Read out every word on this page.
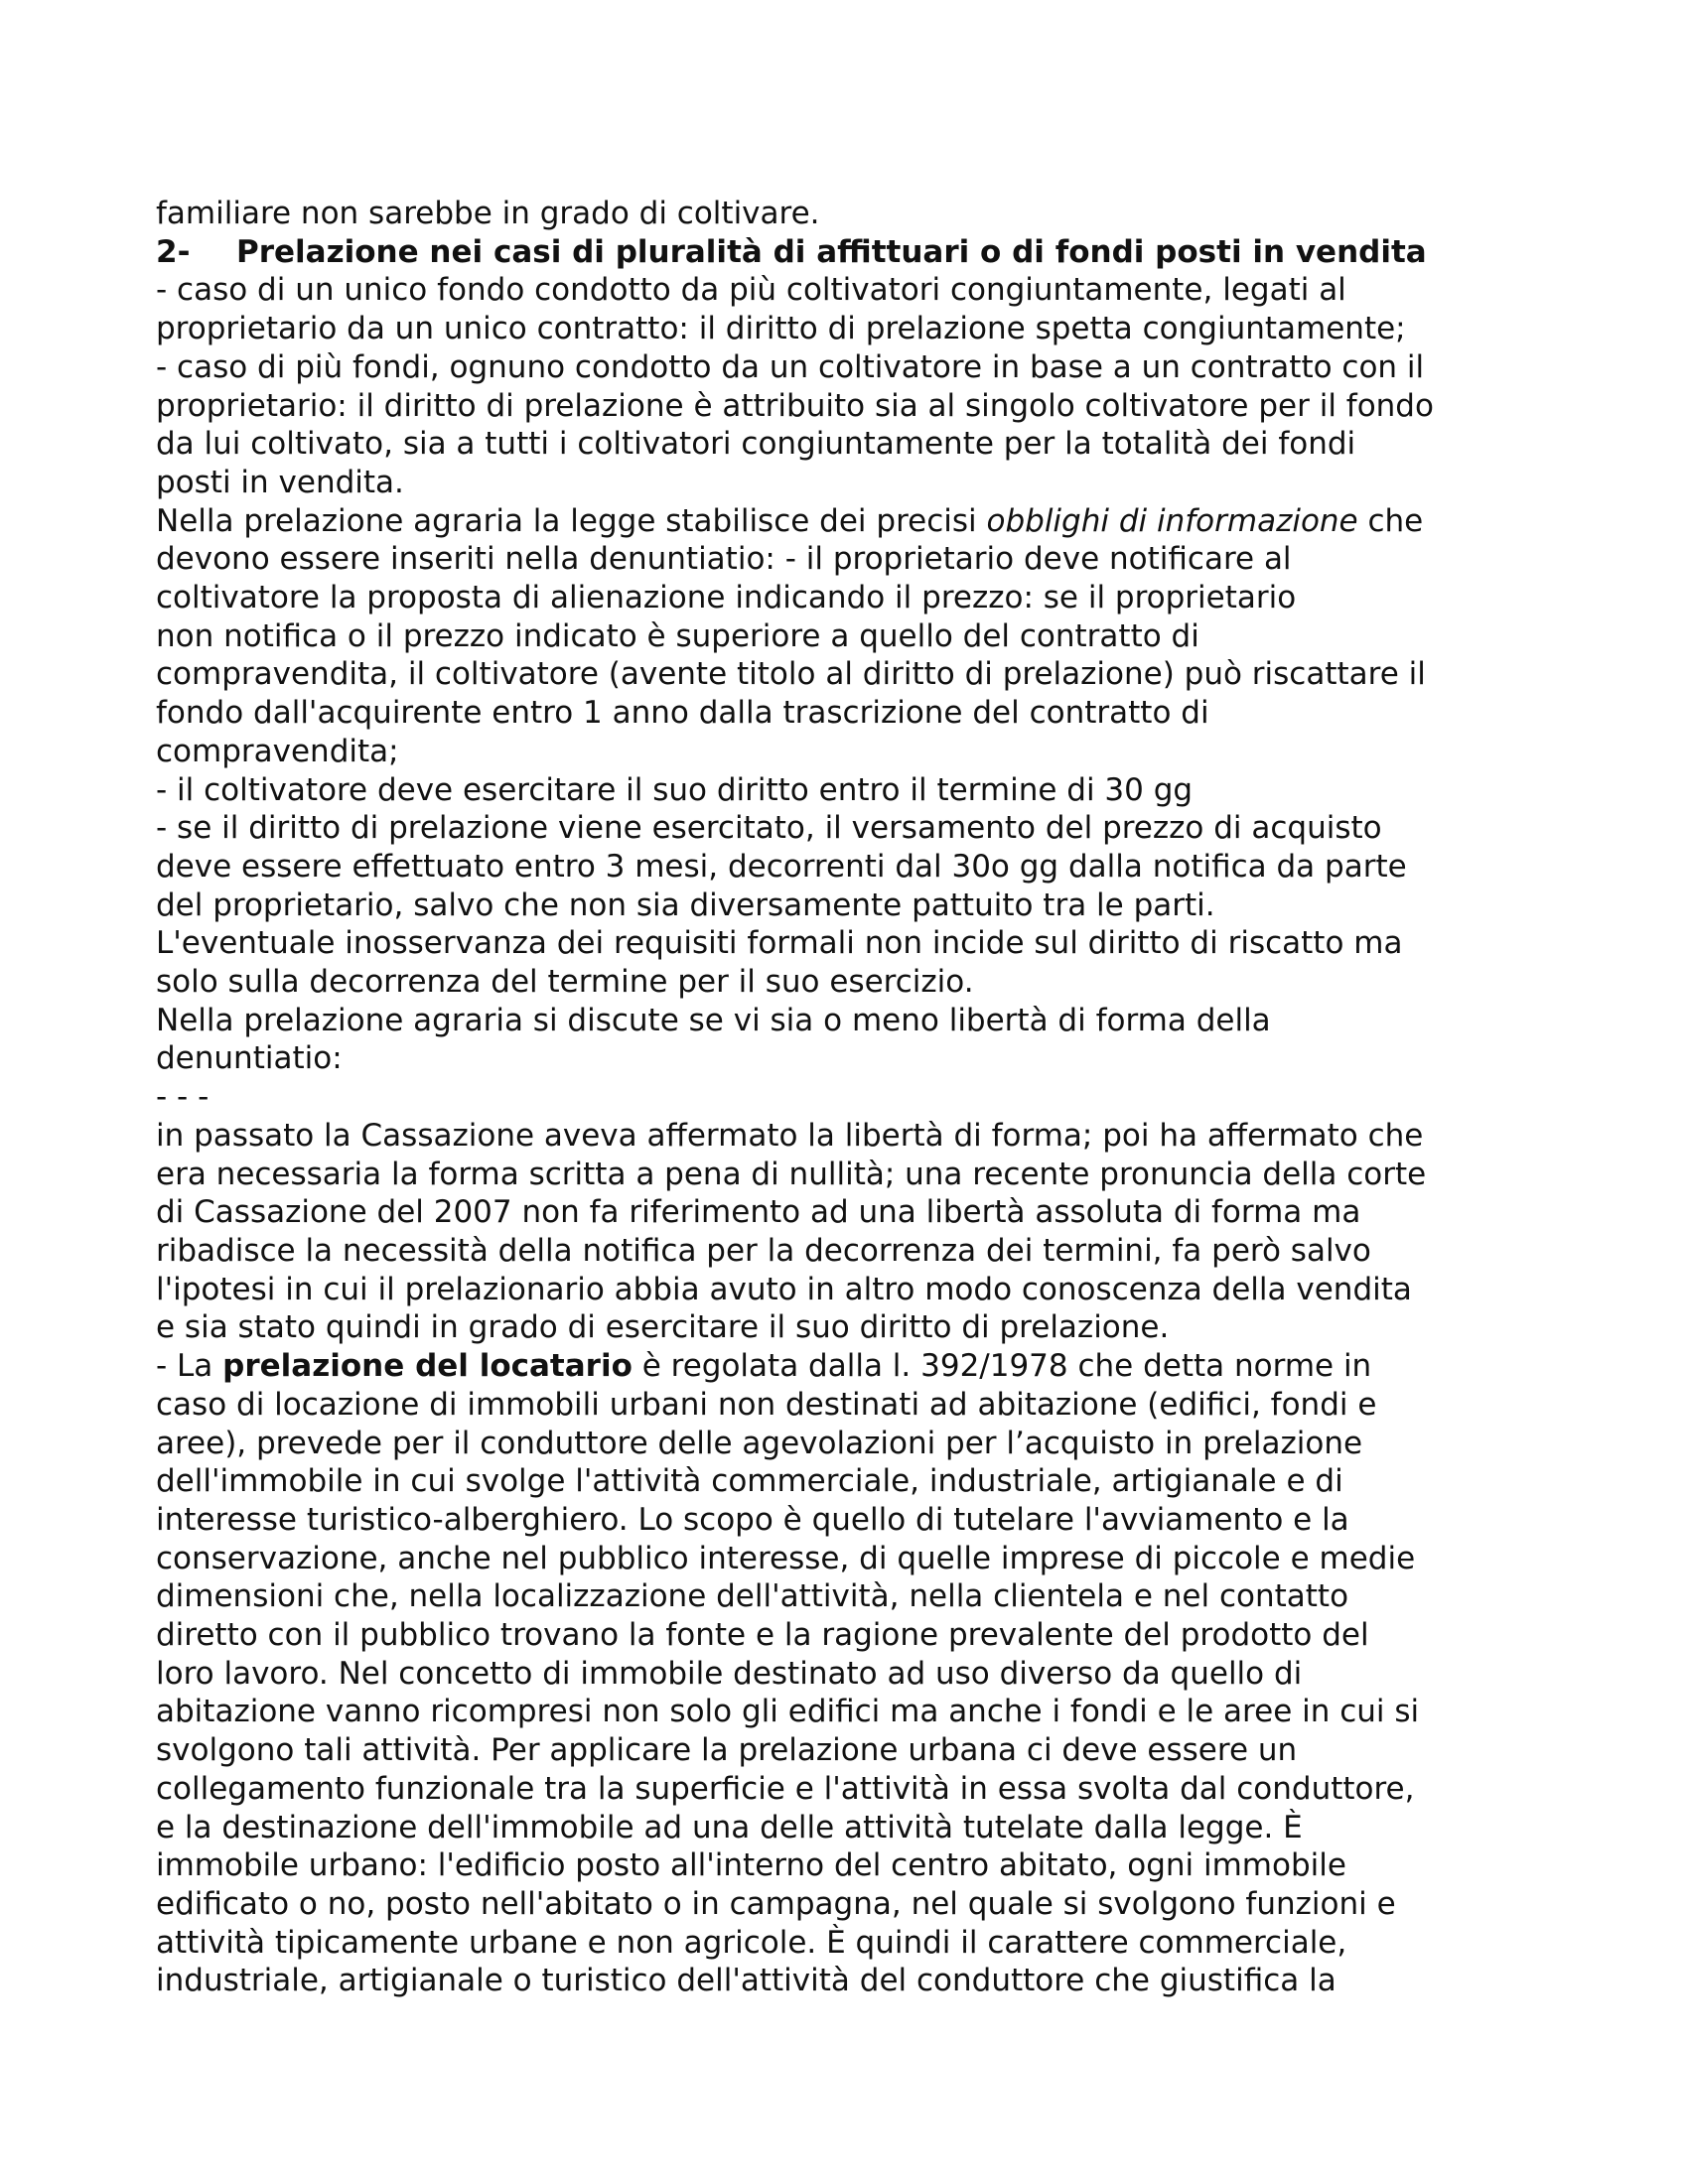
familiare non sarebbe in grado di coltivare.
2- Prelazione nei casi di pluralità di affittuari o di fondi posti in vendita
- caso di un unico fondo condotto da più coltivatori congiuntamente, legati al
proprietario da un unico contratto: il diritto di prelazione spetta congiuntamente;
- caso di più fondi, ognuno condotto da un coltivatore in base a un contratto con il
proprietario: il diritto di prelazione è attribuito sia al singolo coltivatore per il fondo
da lui coltivato, sia a tutti i coltivatori congiuntamente per la totalità dei fondi
posti in vendita.
Nella prelazione agraria la legge stabilisce dei precisi obblighi di informazione che
devono essere inseriti nella denuntiatio: - il proprietario deve notificare al
coltivatore la proposta di alienazione indicando il prezzo: se il proprietario
non notifica o il prezzo indicato è superiore a quello del contratto di
compravendita, il coltivatore (avente titolo al diritto di prelazione) può riscattare il
fondo dall'acquirente entro 1 anno dalla trascrizione del contratto di
compravendita;
- il coltivatore deve esercitare il suo diritto entro il termine di 30 gg
- se il diritto di prelazione viene esercitato, il versamento del prezzo di acquisto
deve essere effettuato entro 3 mesi, decorrenti dal 30o gg dalla notifica da parte
del proprietario, salvo che non sia diversamente pattuito tra le parti.
L'eventuale inosservanza dei requisiti formali non incide sul diritto di riscatto ma
solo sulla decorrenza del termine per il suo esercizio.
Nella prelazione agraria si discute se vi sia o meno libertà di forma della
denuntiatio:
- - -
in passato la Cassazione aveva affermato la libertà di forma; poi ha affermato che
era necessaria la forma scritta a pena di nullità; una recente pronuncia della corte
di Cassazione del 2007 non fa riferimento ad una libertà assoluta di forma ma
ribadisce la necessità della notifica per la decorrenza dei termini, fa però salvo
l'ipotesi in cui il prelazionario abbia avuto in altro modo conoscenza della vendita
e sia stato quindi in grado di esercitare il suo diritto di prelazione.
- La prelazione del locatario è regolata dalla l. 392/1978 che detta norme in
caso di locazione di immobili urbani non destinati ad abitazione (edifici, fondi e
aree), prevede per il conduttore delle agevolazioni per l’acquisto in prelazione
dell'immobile in cui svolge l'attività commerciale, industriale, artigianale e di
interesse turistico-alberghiero. Lo scopo è quello di tutelare l'avviamento e la
conservazione, anche nel pubblico interesse, di quelle imprese di piccole e medie
dimensioni che, nella localizzazione dell'attività, nella clientela e nel contatto
diretto con il pubblico trovano la fonte e la ragione prevalente del prodotto del
loro lavoro. Nel concetto di immobile destinato ad uso diverso da quello di
abitazione vanno ricompresi non solo gli edifici ma anche i fondi e le aree in cui si
svolgono tali attività. Per applicare la prelazione urbana ci deve essere un
collegamento funzionale tra la superficie e l'attività in essa svolta dal conduttore,
e la destinazione dell'immobile ad una delle attività tutelate dalla legge. È
immobile urbano: l'edificio posto all'interno del centro abitato, ogni immobile
edificato o no, posto nell'abitato o in campagna, nel quale si svolgono funzioni e
attività tipicamente urbane e non agricole. È quindi il carattere commerciale,
industriale, artigianale o turistico dell'attività del conduttore che giustifica la
